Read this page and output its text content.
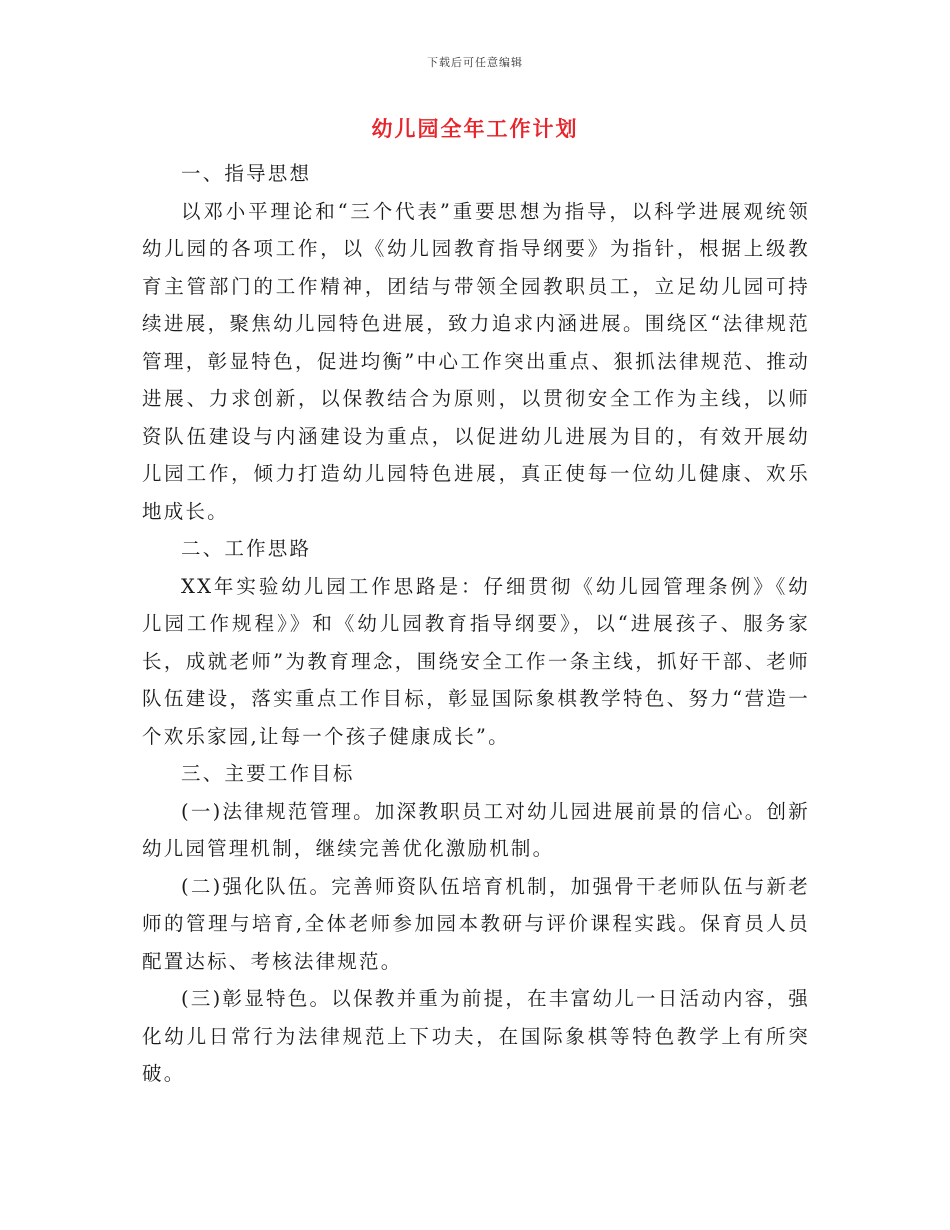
下载后可任意编辑
幼儿园全年工作计划

一、指导思想

以邓小平理论和“三个代表”重要思想为指导，以科学进展观统领幼儿园的各项工作，以《幼儿园教育指导纲要》为指针，根据上级教育主管部门的工作精神，团结与带领全园教职员工，立足幼儿园可持续进展，聚焦幼儿园特色进展，致力追求内涵进展。围绕区“法律规范管理，彰显特色，促进均衡”中心工作突出重点、狠抓法律规范、推动进展、力求创新，以保教结合为原则，以贯彻安全工作为主线，以师资队伍建设与内涵建设为重点，以促进幼儿进展为目的，有效开展幼儿园工作，倾力打造幼儿园特色进展，真正使每一位幼儿健康、欢乐地成长。

二、工作思路

XX年实验幼儿园工作思路是：仔细贯彻《幼儿园管理条例》《幼儿园工作规程》》和《幼儿园教育指导纲要》，以“进展孩子、服务家长，成就老师”为教育理念，围绕安全工作一条主线，抓好干部、老师队伍建设，落实重点工作目标，彰显国际象棋教学特色、努力“营造一个欢乐家园,让每一个孩子健康成长”。

三、主要工作目标

(一)法律规范管理。加深教职员工对幼儿园进展前景的信心。创新幼儿园管理机制，继续完善优化激励机制。

(二)强化队伍。完善师资队伍培育机制，加强骨干老师队伍与新老师的管理与培育,全体老师参加园本教研与评价课程实践。保育员人员配置达标、考核法律规范。

(三)彰显特色。以保教并重为前提，在丰富幼儿一日活动内容，强化幼儿日常行为法律规范上下功夫，在国际象棋等特色教学上有所突破。
